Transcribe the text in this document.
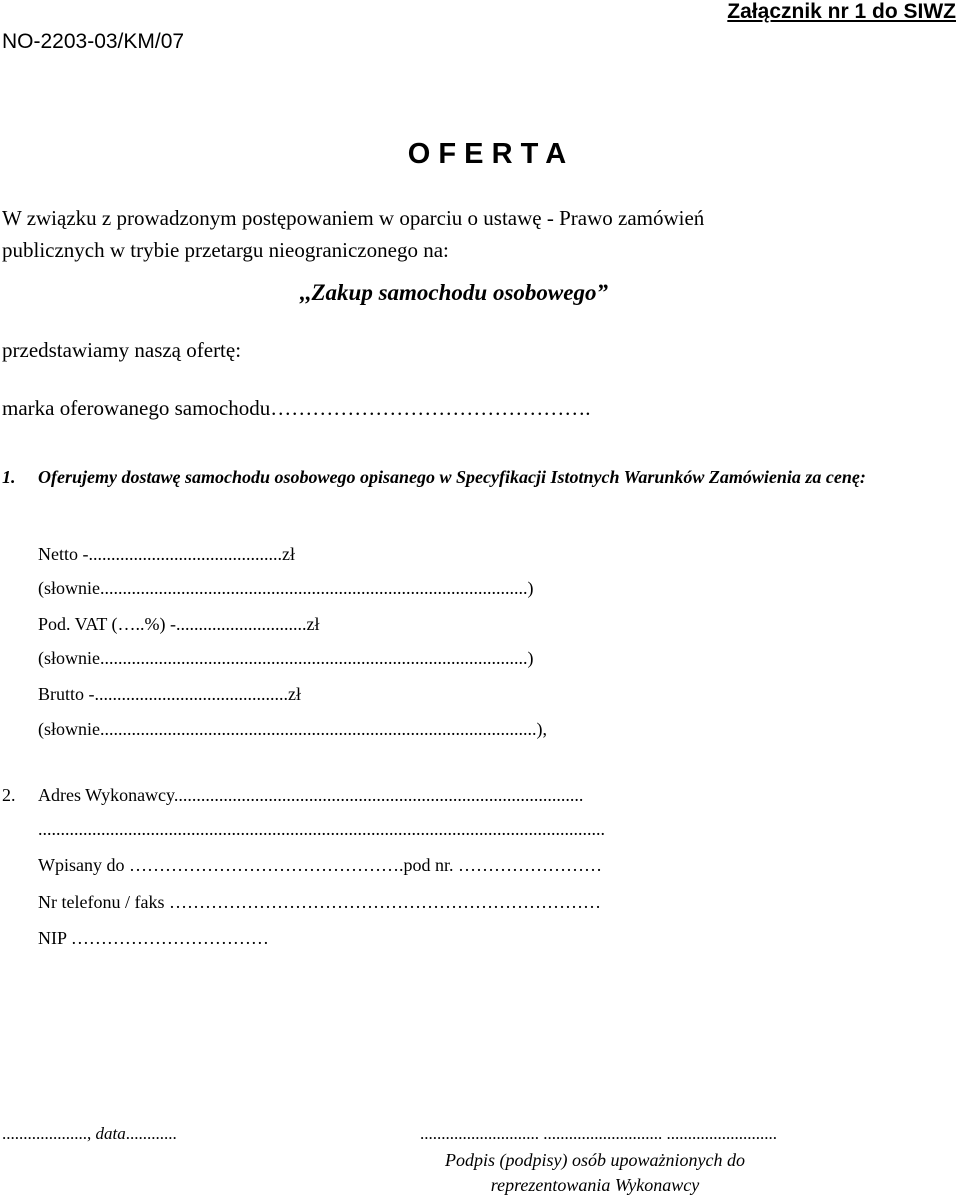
NO-2203-03/KM/07
Załącznik nr 1 do SIWZ
O F E R T A
W związku z prowadzonym postępowaniem w oparciu o ustawę - Prawo zamówień
publicznych w trybie przetargu nieograniczonego na:
,,Zakup samochodu osobowego”
przedstawiamy naszą ofertę:
marka oferowanego samochodu……………………………………….
1. Oferujemy dostawę samochodu osobowego opisanego w Specyfikacji Istotnych Warunków Zamówienia za cenę:
Netto -...........................................zł
(słownie...............................................................................................)
Pod. VAT (…..%) -.............................zł
(słownie...............................................................................................)
Brutto -...........................................zł
(słownie.................................................................................................),
2. Adres Wykonawcy...........................................................................................
..............................................................................................................................
Wpisany do ……………………………………….pod nr. ……………………
Nr telefonu / faks ………………………………………………………………
NIP ……………………………
...................., data............	............................ ............................ ..........................
Podpis (podpisy) osób upoważnionych do reprezentowania Wykonawcy
